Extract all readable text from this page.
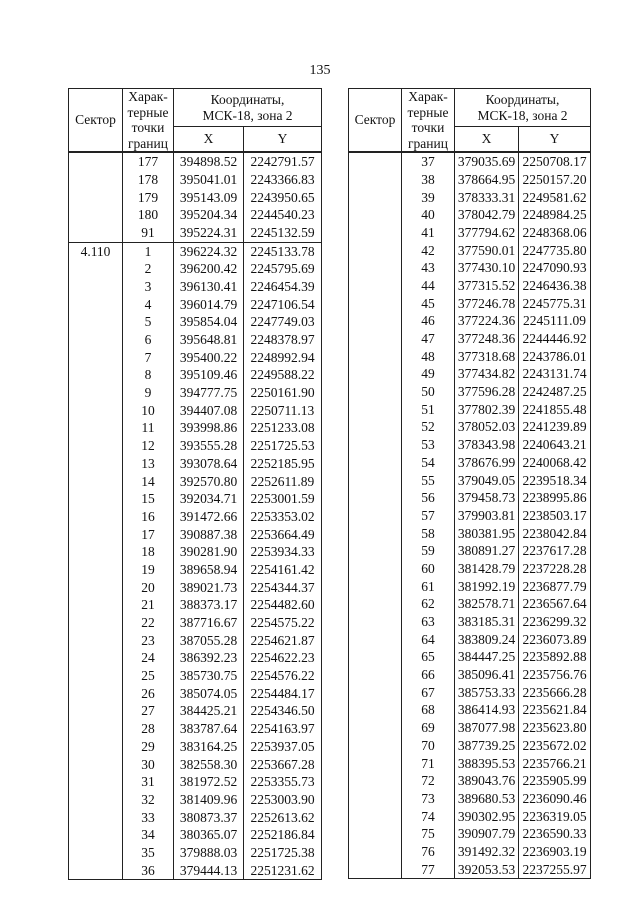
135
Сектор	Харак-
терные
точки
границ	Координаты,
МСК-18, зона 2	
		X	Y
	177	394898.52	2242791.57
	178	395041.01	2243366.83
	179	395143.09	2243950.65
	180	395204.34	2244540.23
	91	395224.31	2245132.59
4.110	1	396224.32	2245133.78
	2	396200.42	2245795.69
	3	396130.41	2246454.39
	4	396014.79	2247106.54
	5	395854.04	2247749.03
	6	395648.81	2248378.97
	7	395400.22	2248992.94
	8	395109.46	2249588.22
	9	394777.75	2250161.90
	10	394407.08	2250711.13
	11	393998.86	2251233.08
	12	393555.28	2251725.53
	13	393078.64	2252185.95
	14	392570.80	2252611.89
	15	392034.71	2253001.59
	16	391472.66	2253353.02
	17	390887.38	2253664.49
	18	390281.90	2253934.33
	19	389658.94	2254161.42
	20	389021.73	2254344.37
	21	388373.17	2254482.60
	22	387716.67	2254575.22
	23	387055.28	2254621.87
	24	386392.23	2254622.23
	25	385730.75	2254576.22
	26	385074.05	2254484.17
	27	384425.21	2254346.50
	28	383787.64	2254163.97
	29	383164.25	2253937.05
	30	382558.30	2253667.28
	31	381972.52	2253355.73
	32	381409.96	2253003.90
	33	380873.37	2252613.62
	34	380365.07	2252186.84
	35	379888.03	2251725.38
	36	379444.13	2251231.62
Сектор	Харак-
терные
точки
границ	Координаты,
МСК-18, зона 2	
		X	Y
	37	379035.69	2250708.17
	38	378664.95	2250157.20
	39	378333.31	2249581.62
	40	378042.79	2248984.25
	41	377794.62	2248368.06
	42	377590.01	2247735.80
	43	377430.10	2247090.93
	44	377315.52	2246436.38
	45	377246.78	2245775.31
	46	377224.36	2245111.09
	47	377248.36	2244446.92
	48	377318.68	2243786.01
	49	377434.82	2243131.74
	50	377596.28	2242487.25
	51	377802.39	2241855.48
	52	378052.03	2241239.89
	53	378343.98	2240643.21
	54	378676.99	2240068.42
	55	379049.05	2239518.34
	56	379458.73	2238995.86
	57	379903.81	2238503.17
	58	380381.95	2238042.84
	59	380891.27	2237617.28
	60	381428.79	2237228.28
	61	381992.19	2236877.79
	62	382578.71	2236567.64
	63	383185.31	2236299.32
	64	383809.24	2236073.89
	65	384447.25	2235892.88
	66	385096.41	2235756.76
	67	385753.33	2235666.28
	68	386414.93	2235621.84
	69	387077.98	2235623.80
	70	387739.25	2235672.02
	71	388395.53	2235766.21
	72	389043.76	2235905.99
	73	389680.53	2236090.46
	74	390302.95	2236319.05
	75	390907.79	2236590.33
	76	391492.32	2236903.19
	77	392053.53	2237255.97
